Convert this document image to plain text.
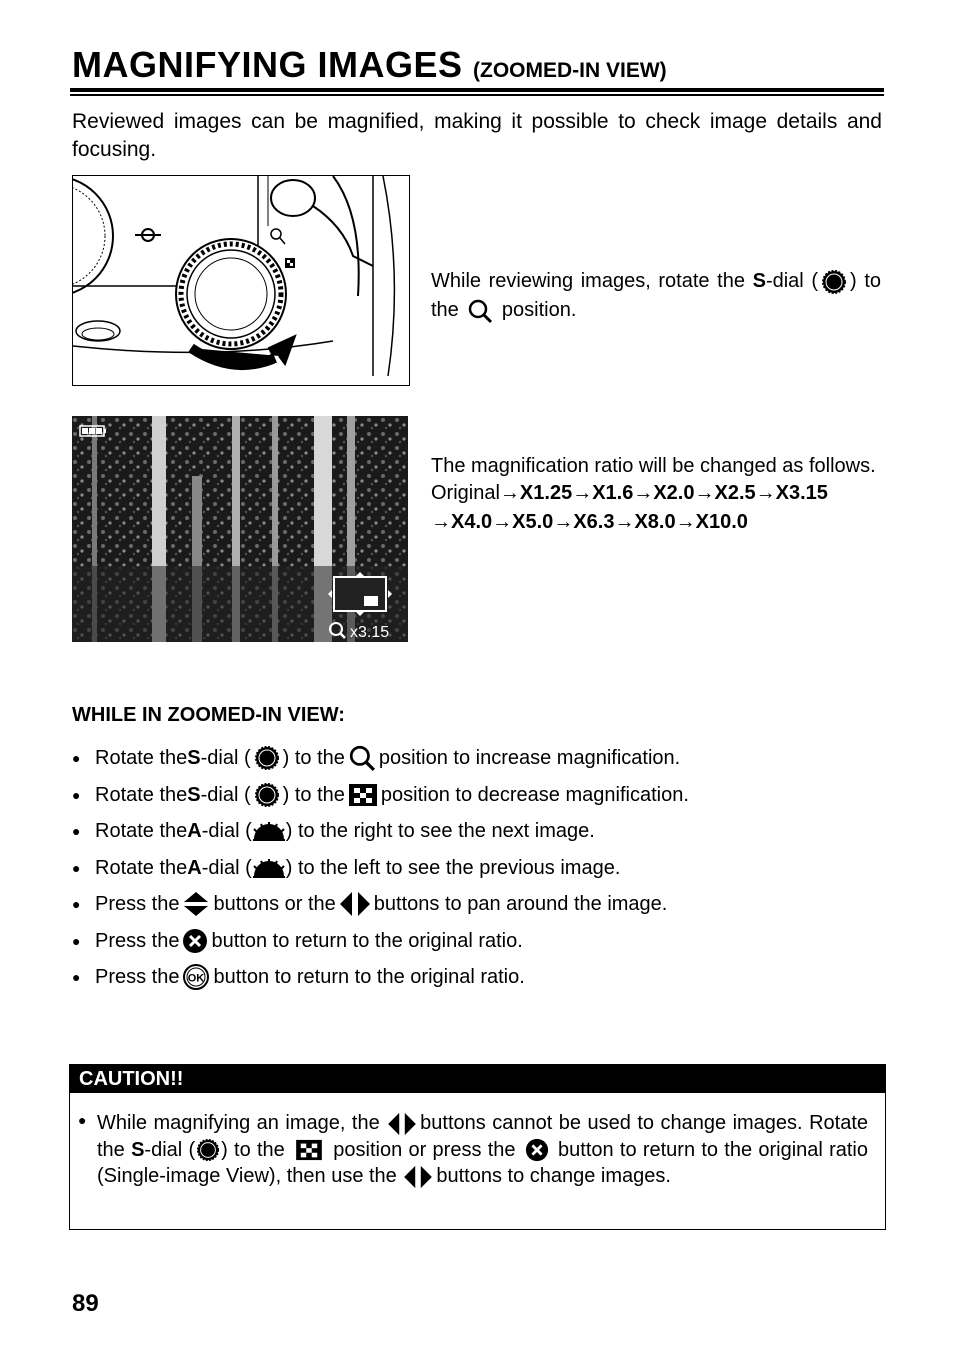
MAGNIFYING IMAGES (ZOOMED-IN VIEW)
Reviewed images can be magnified, making it possible to check image details and focusing.
While reviewing images, rotate the S-dial ( ) to the
position.
x3.15
The magnification ratio will be changed as follows.
Original→X1.25→X1.6→X2.0→X2.5→X3.15
→X4.0→X5.0→X6.3→X8.0→X10.0
WHILE IN ZOOMED-IN VIEW:
● Rotate the S -dial ( ) to the position to increase magnification.
● Rotate the S -dial ( ) to the position to decrease magnification.
● Rotate the A -dial ( ) to the right to see the next image.
● Rotate the A -dial ( ) to the left to see the previous image.
● Press the buttons or the buttons to pan around the image.
● Press the button to return to the original ratio.
● Press the OK button to return to the original ratio.
CAUTION!!
● While magnifying an image, the
buttons cannot be used to change images. Rotate the S-dial ( ) to the
position or press the
button to return to the original ratio (Single-image View), then use the
buttons to change images.
89
